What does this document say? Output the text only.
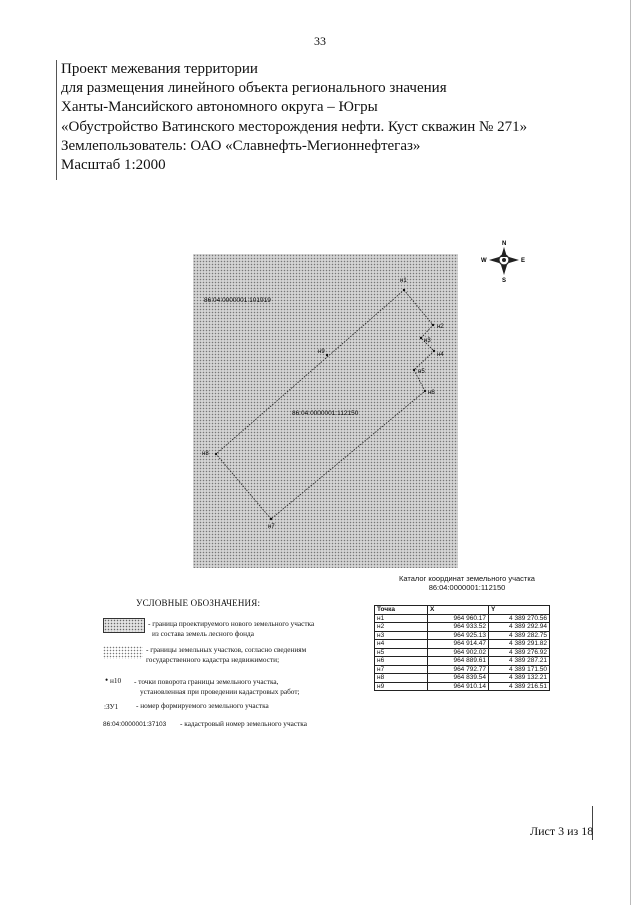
33
Проект межевания территории
для размещения линейного объекта регионального значения
Ханты-Мансийского автономного округа – Югры
«Обустройство Ватинского месторождения нефти. Куст скважин № 271»
Землепользователь: ОАО «Славнефть-Мегионнефтегаз»
Масштаб 1:2000
N
S
W	E
н1
н2
н3
н4
н5
н6
н7
н8
н9
86:04:0000001:101919
86:04:0000001:112150
УСЛОВНЫЕ ОБОЗНАЧЕНИЯ:
- граница проектируемого нового земельного участка
из состава земель лесного фонда
- границы земельных участков, согласно сведениям
государственного кадастра недвижимости;
• н10 - точки поворота границы земельного участка,
установленная при проведении кадастровых работ;
:ЗУ1 - номер формируемого земельного участка
86:04:0000001:37103 - кадастровый номер земельного участка
Каталог координат земельного участка
86:04:0000001:112150
Точка	X	Y
н1	964 960.17	4 389 270.56
н2	964 933.52	4 389 292.94
н3	964 925.13	4 389 282.75
н4	964 914.47	4 389 291.82
н5	964 902.02	4 389 276.92
н6	964 889.61	4 389 287.21
н7	964 792.77	4 389 171.50
н8	964 839.54	4 389 132.21
н9	964 910.14	4 389 216.51
Лист 3 из 18
